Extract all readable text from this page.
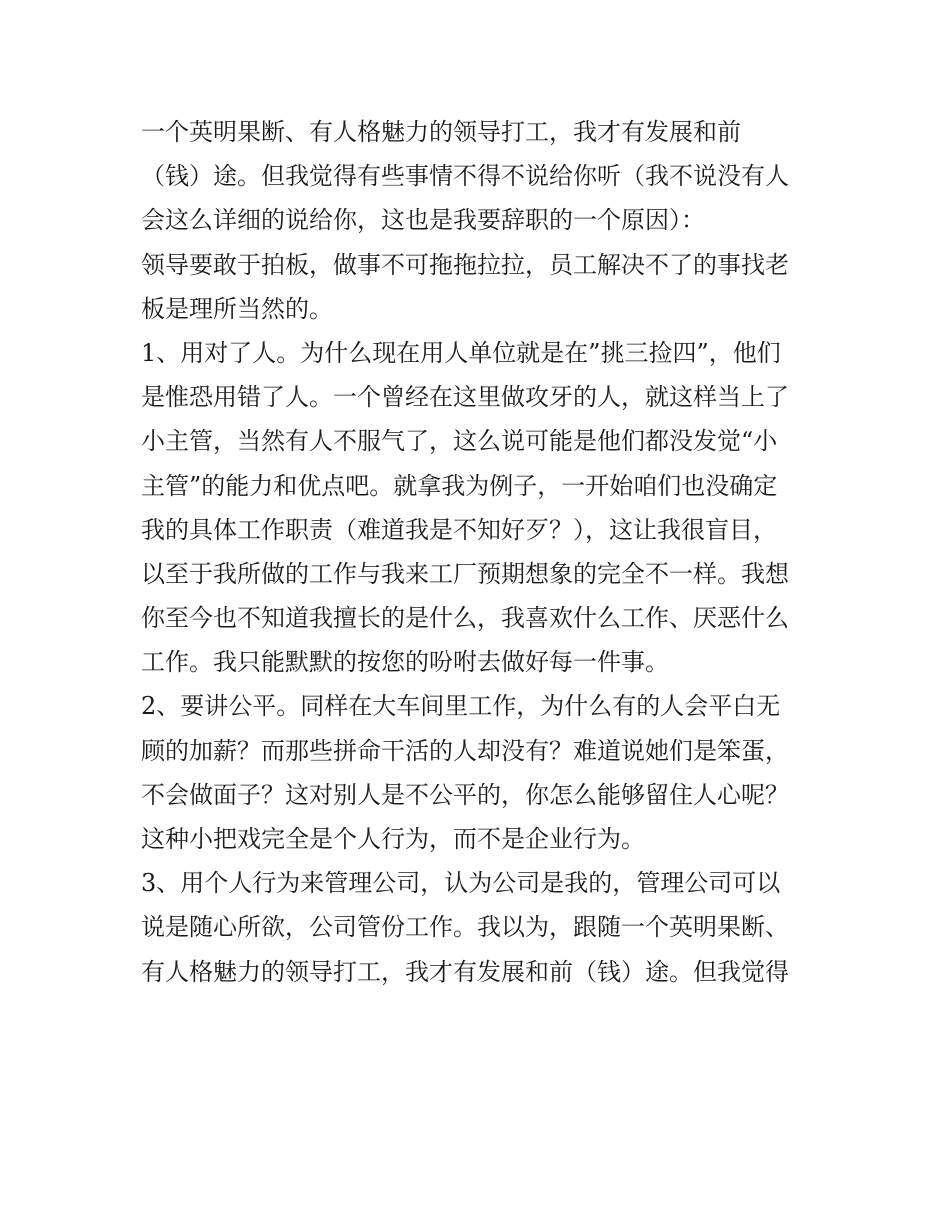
一个英明果断、有人格魅力的领导打工，我才有发展和前
（钱）途。但我觉得有些事情不得不说给你听（我不说没有人
会这么详细的说给你，这也是我要辞职的一个原因）：
领导要敢于拍板，做事不可拖拖拉拉，员工解决不了的事找老
板是理所当然的。
1、用对了人。为什么现在用人单位就是在”挑三捡四”，他们
是惟恐用错了人。一个曾经在这里做攻牙的人，就这样当上了
小主管，当然有人不服气了，这么说可能是他们都没发觉“小
主管”的能力和优点吧。就拿我为例子，一开始咱们也没确定
我的具体工作职责（难道我是不知好歹？），这让我很盲目，
以至于我所做的工作与我来工厂预期想象的完全不一样。我想
你至今也不知道我擅长的是什么，我喜欢什么工作、厌恶什么
工作。我只能默默的按您的吩咐去做好每一件事。
2、要讲公平。同样在大车间里工作，为什么有的人会平白无
顾的加薪？而那些拼命干活的人却没有？难道说她们是笨蛋，
不会做面子？这对别人是不公平的，你怎么能够留住人心呢？
这种小把戏完全是个人行为，而不是企业行为。
3、用个人行为来管理公司，认为公司是我的，管理公司可以
说是随心所欲，公司管份工作。我以为，跟随一个英明果断、
有人格魅力的领导打工，我才有发展和前（钱）途。但我觉得
